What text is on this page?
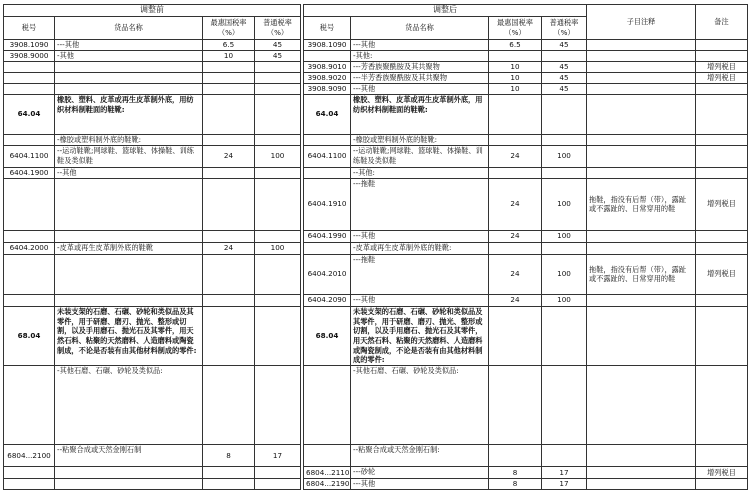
调整前					调整后				子目注释	备注
税号	货品名称	最惠国税率（%）	普通税率（%）		税号	货品名称	最惠国税率（%）	普通税率（%）		
3908.1090	---其他	6.5	45		3908.1090	---其他	6.5	45		
3908.9000	-其他	10	45			-其他:				
					3908.9010	---芳香族聚酰胺及其共聚物	10	45		增列税目
					3908.9020	---半芳香族聚酰胺及其共聚物	10	45		增列税目
					3908.9090	---其他	10	45		
64.04	橡胶、塑料、皮革或再生皮革制外底，用纺织材料制鞋面的鞋靴:				64.04	橡胶、塑料、皮革或再生皮革制外底，用纺织材料制鞋面的鞋靴:				
	-橡胶或塑料制外底的鞋靴:					-橡胶或塑料制外底的鞋靴:				
6404.1100	--运动鞋靴;网球鞋、篮球鞋、体操鞋、训练鞋及类似鞋	24	100		6404.1100	--运动鞋靴;网球鞋、篮球鞋、体操鞋、训练鞋及类似鞋	24	100		
6404.1900	--其他					--其他:				
					6404.1910	---拖鞋	24	100	拖鞋，指没有后帮（带），露趾或不露趾的、日常穿用的鞋	增列税目
					6404.1990	---其他	24	100		
6404.2000	-皮革或再生皮革制外底的鞋靴	24	100			-皮革或再生皮革制外底的鞋靴:				
					6404.2010	---拖鞋	24	100	拖鞋，指没有后帮（带），露趾或不露趾的、日常穿用的鞋	增列税目
					6404.2090	---其他	24	100		
68.04	未装支架的石磨、石碾、砂轮和类似品及其零件，用于研磨、磨刃、抛光、整形或切割，以及手用磨石、抛光石及其零件，用天然石料、粘聚的天然磨料、人造磨料或陶瓷制成，不论是否装有由其他材料制成的零件:				68.04	未装支架的石磨、石碾、砂轮和类似品及其零件，用于研磨、磨刃、抛光、整形或切割，以及手用磨石、抛光石及其零件，用天然石料、粘聚的天然磨料、人造磨料或陶瓷制成，不论是否装有由其他材料制成的零件:				
	-其他石磨、石碾、砂轮及类似品:					-其他石磨、石碾、砂轮及类似品:				
6804...2100	--粘聚合成或天然金刚石制	8	17			--粘聚合成或天然金刚石制:				
					6804...2110	---砂轮	8	17		增列税目
					6804...2190	---其他	8	17		
